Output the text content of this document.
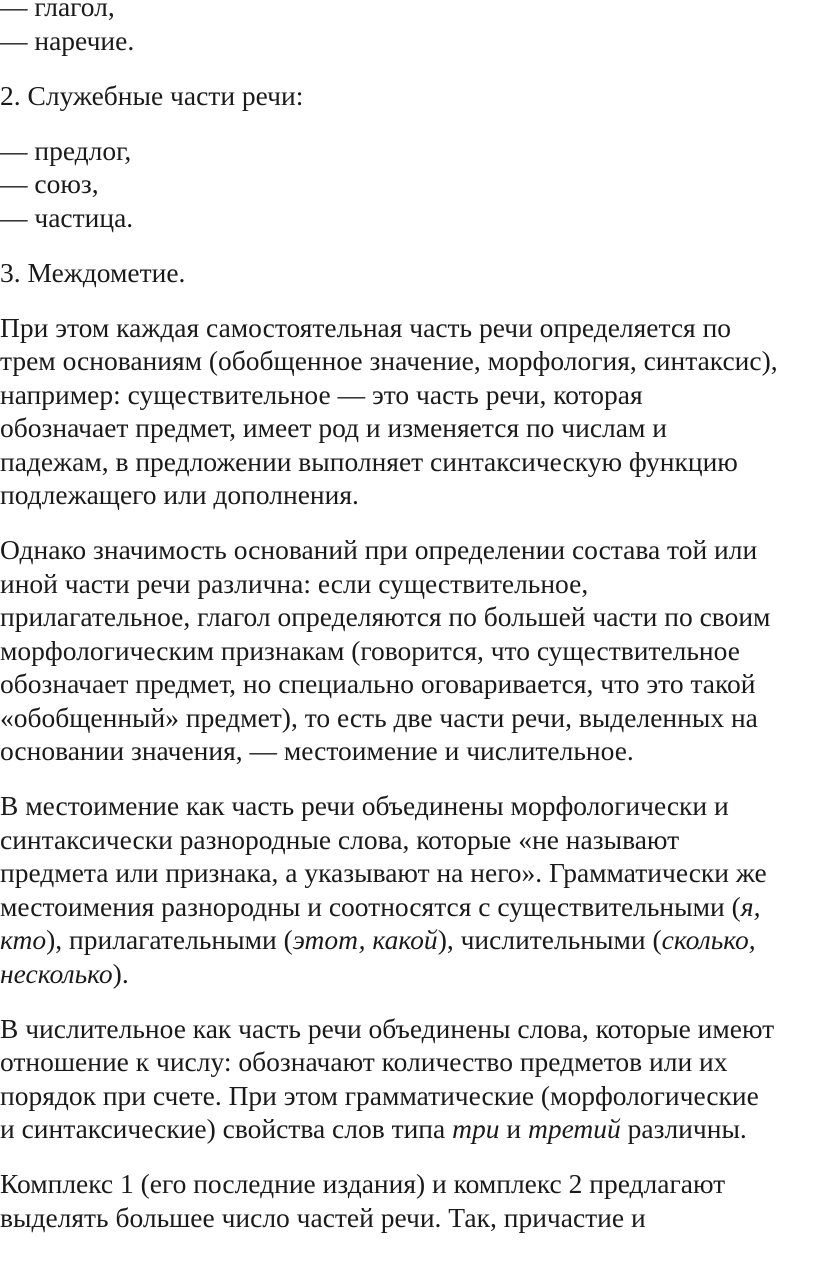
— глагол,
— наречие.
2. Служебные части речи:
— предлог,
— союз,
— частица.
3. Междометие.
При этом каждая самостоятельная часть речи определяется по
трем основаниям (обобщенное значение, морфология, синтаксис),
например: существительное — это часть речи, которая
обозначает предмет, имеет род и изменяется по числам и
падежам, в предложении выполняет синтаксическую функцию
подлежащего или дополнения.
Однако значимость оснований при определении состава той или
иной части речи различна: если существительное,
прилагательное, глагол определяются по большей части по своим
морфологическим признакам (говорится, что существительное
обозначает предмет, но специально оговаривается, что это такой
«обобщенный» предмет), то есть две части речи, выделенных на
основании значения, — местоимение и числительное.
В местоимение как часть речи объединены морфологически и
синтаксически разнородные слова, которые «не называют
предмета или признака, а указывают на него». Грамматически же
местоимения разнородны и соотносятся с существительными (я,
кто), прилагательными (этот, какой), числительными (сколько,
несколько).
В числительное как часть речи объединены слова, которые имеют
отношение к числу: обозначают количество предметов или их
порядок при счете. При этом грамматические (морфологические
и синтаксические) свойства слов типа три и третий различны.
Комплекс 1 (его последние издания) и комплекс 2 предлагают
выделять большее число частей речи. Так, причастие и
